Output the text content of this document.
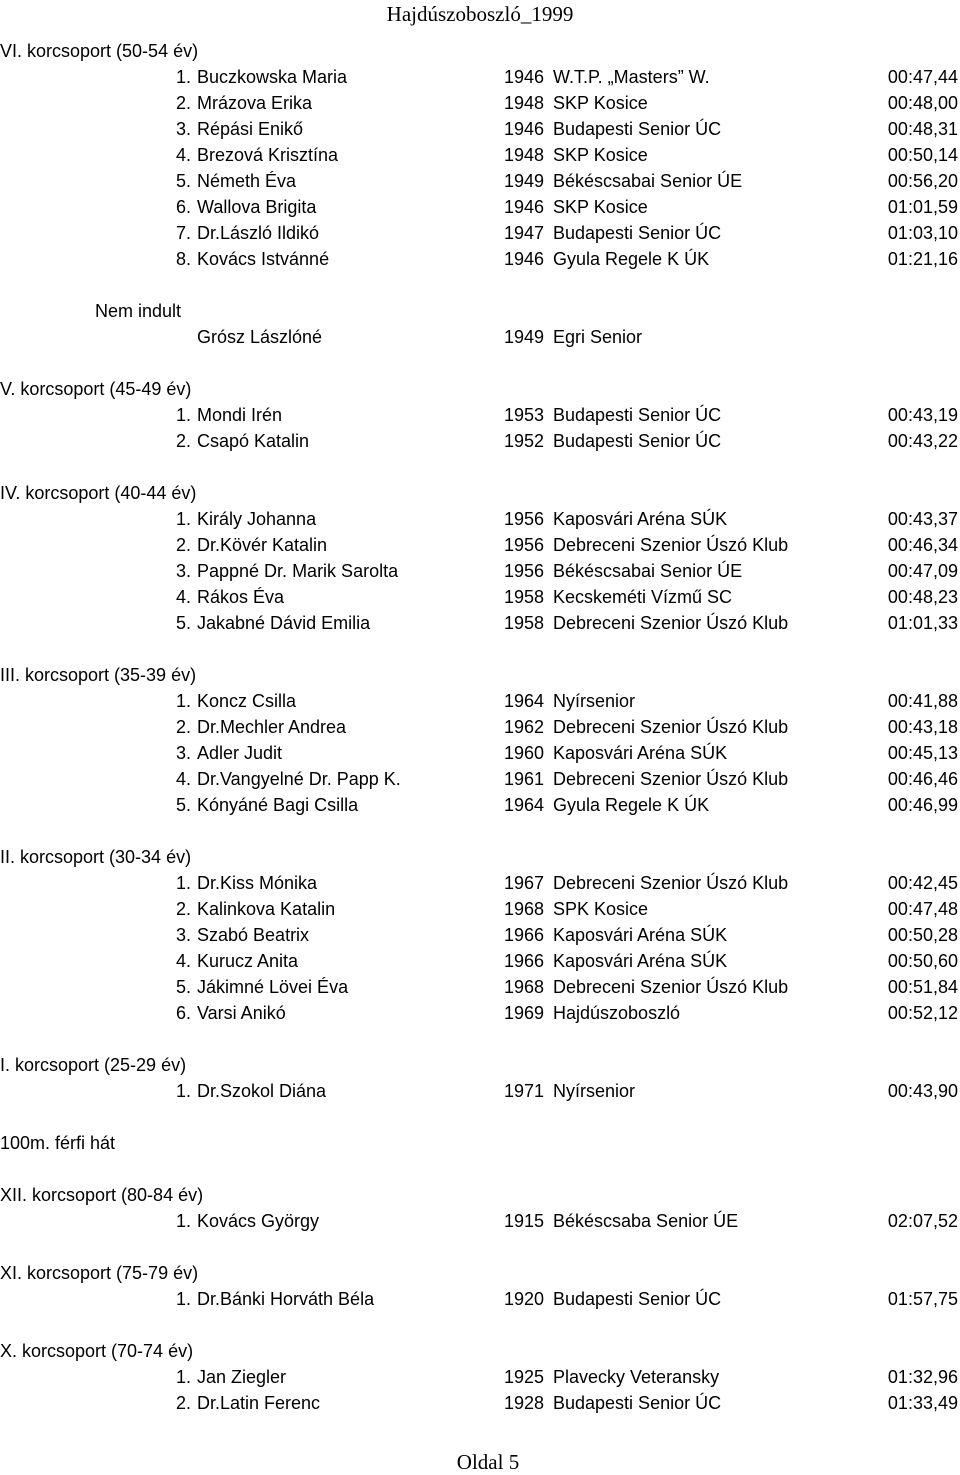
Hajdúszoboszló_1999
VI. korcsoport (50-54 év)
1. Buczkowska Maria	1946 W.T.P. „Masters” W.	00:47,44
2. Mrázova Erika	1948 SKP Kosice	00:48,00
3. Répási Enikő	1946 Budapesti Senior ÚC	00:48,31
4. Brezová Krisztína	1948 SKP Kosice	00:50,14
5. Németh Éva	1949 Békéscsabai Senior ÚE	00:56,20
6. Wallova Brigita	1946 SKP Kosice	01:01,59
7. Dr.László Ildikó	1947 Budapesti Senior ÚC	01:03,10
8. Kovács Istvánné	1946 Gyula Regele K ÚK	01:21,16
Nem indult
Grósz Lászlóné	1949 Egri Senior
V. korcsoport (45-49 év)
1. Mondi Irén	1953 Budapesti Senior ÚC	00:43,19
2. Csapó Katalin	1952 Budapesti Senior ÚC	00:43,22
IV. korcsoport (40-44 év)
1. Király Johanna	1956 Kaposvári Aréna SÚK	00:43,37
2. Dr.Kövér Katalin	1956 Debreceni Szenior Úszó Klub	00:46,34
3. Pappné Dr. Marik Sarolta	1956 Békéscsabai Senior ÚE	00:47,09
4. Rákos Éva	1958 Kecskeméti Vízmű SC	00:48,23
5. Jakabné Dávid Emilia	1958 Debreceni Szenior Úszó Klub	01:01,33
III. korcsoport (35-39 év)
1. Koncz Csilla	1964 Nyírsenior	00:41,88
2. Dr.Mechler Andrea	1962 Debreceni Szenior Úszó Klub	00:43,18
3. Adler Judit	1960 Kaposvári Aréna SÚK	00:45,13
4. Dr.Vangyelné Dr. Papp K.	1961 Debreceni Szenior Úszó Klub	00:46,46
5. Kónyáné Bagi Csilla	1964 Gyula Regele K ÚK	00:46,99
II. korcsoport (30-34 év)
1. Dr.Kiss Mónika	1967 Debreceni Szenior Úszó Klub	00:42,45
2. Kalinkova Katalin	1968 SPK Kosice	00:47,48
3. Szabó Beatrix	1966 Kaposvári Aréna SÚK	00:50,28
4. Kurucz Anita	1966 Kaposvári Aréna SÚK	00:50,60
5. Jákimné Lövei Éva	1968 Debreceni Szenior Úszó Klub	00:51,84
6. Varsi Anikó	1969 Hajdúszoboszló	00:52,12
I. korcsoport (25-29 év)
1. Dr.Szokol Diána	1971 Nyírsenior	00:43,90
100m. férfi hát
XII. korcsoport (80-84 év)
1. Kovács György	1915 Békéscsaba Senior ÚE	02:07,52
XI. korcsoport (75-79 év)
1. Dr.Bánki Horváth Béla	1920 Budapesti Senior ÚC	01:57,75
X. korcsoport (70-74 év)
1. Jan Ziegler	1925 Plavecky Veteransky	01:32,96
2. Dr.Latin Ferenc	1928 Budapesti Senior ÚC	01:33,49
Oldal 5
